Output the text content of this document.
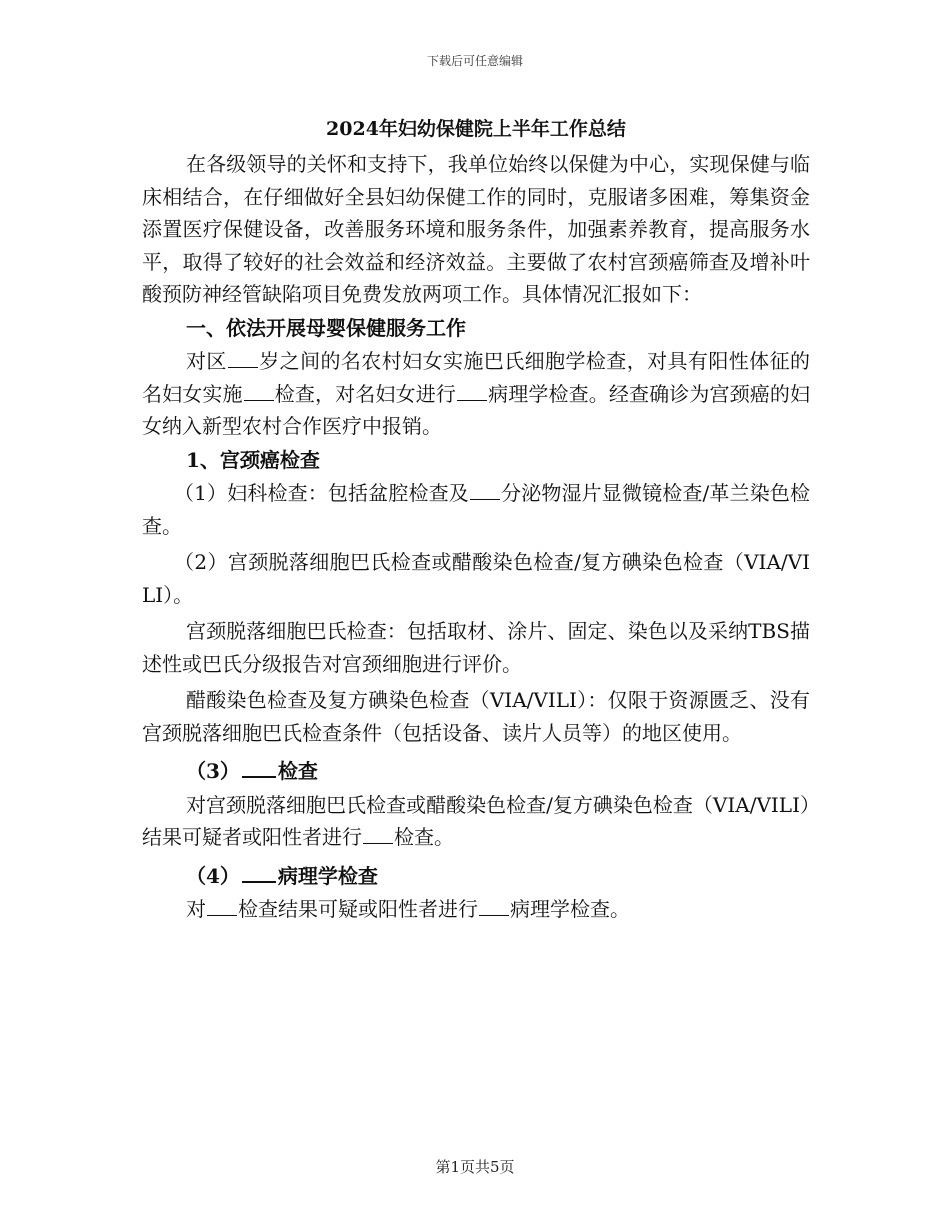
下载后可任意编辑
2024年妇幼保健院上半年工作总结

在各级领导的关怀和支持下，我单位始终以保健为中心，实现保健与临床相结合，在仔细做好全县妇幼保健工作的同时，克服诸多困难，筹集资金添置医疗保健设备，改善服务环境和服务条件，加强素养教育，提高服务水平，取得了较好的社会效益和经济效益。主要做了农村宫颈癌筛查及增补叶酸预防神经管缺陷项目免费发放两项工作。具体情况汇报如下：

一、依法开展母婴保健服务工作

对区 岁之间的名农村妇女实施巴氏细胞学检查，对具有阳性体征的名妇女实施 检查，对名妇女进行 病理学检查。经查确诊为宫颈癌的妇女纳入新型农村合作医疗中报销。

1、宫颈癌检查

（1）妇科检查：包括盆腔检查及 分泌物湿片显微镜检查/革兰染色检查。

（2）宫颈脱落细胞巴氏检查或醋酸染色检查/复方碘染色检查（VIA/VILI）。

宫颈脱落细胞巴氏检查：包括取材、涂片、固定、染色以及采纳TBS描述性或巴氏分级报告对宫颈细胞进行评价。

醋酸染色检查及复方碘染色检查（VIA/VILI）：仅限于资源匮乏、没有宫颈脱落细胞巴氏检查条件（包括设备、读片人员等）的地区使用。

（3） 检查

对宫颈脱落细胞巴氏检查或醋酸染色检查/复方碘染色检查（VIA/VILI）结果可疑者或阳性者进行 检查。

（4） 病理学检查

对 检查结果可疑或阳性者进行 病理学检查。

第1页共5页
